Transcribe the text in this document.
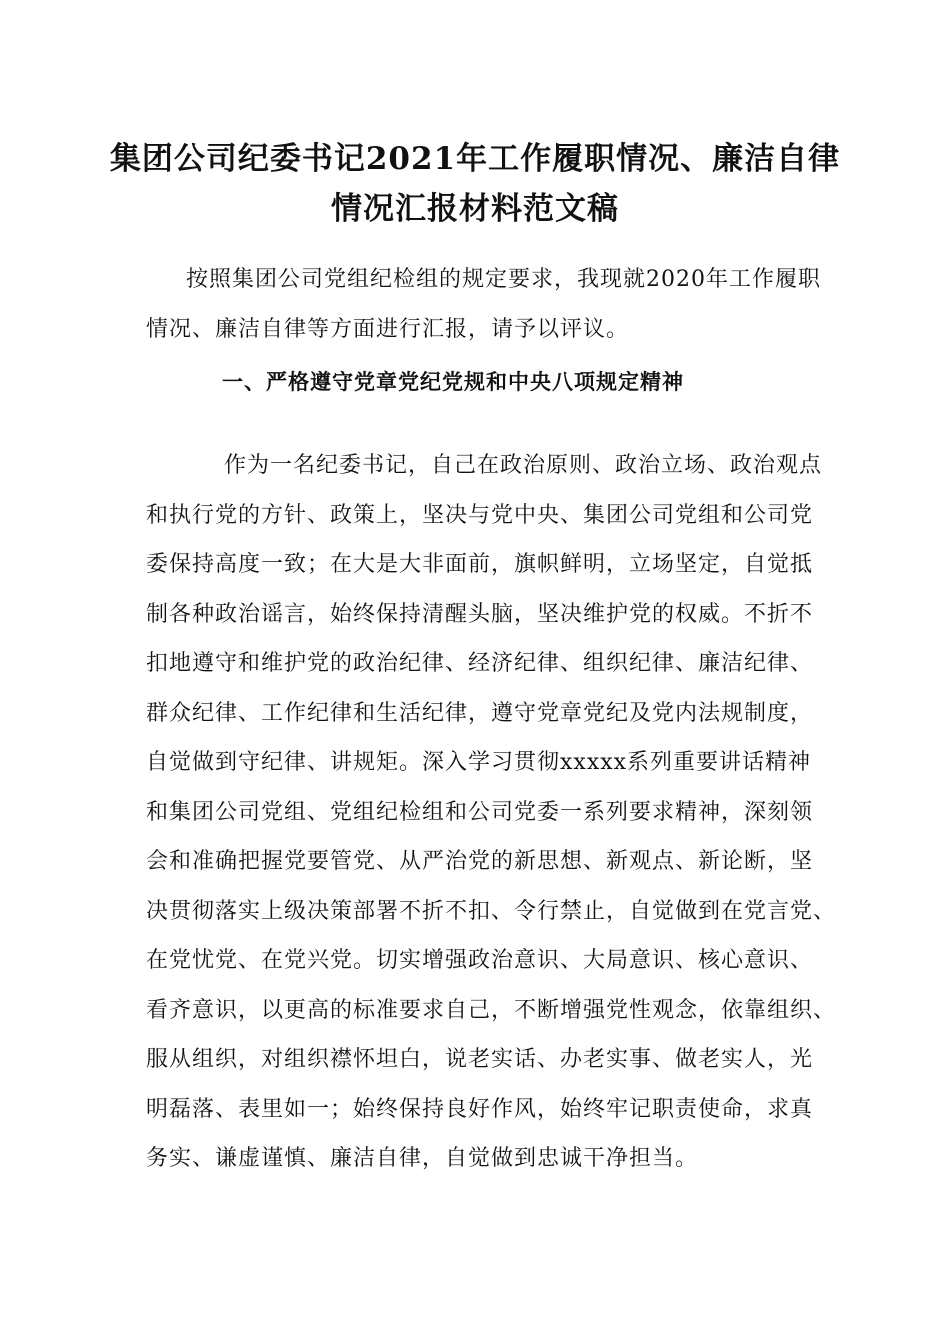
集团公司纪委书记2021年工作履职情况、廉洁自律
情况汇报材料范文稿
按照集团公司党组纪检组的规定要求，我现就2020年工作履职
情况、廉洁自律等方面进行汇报，请予以评议。
一、严格遵守党章党纪党规和中央八项规定精神
作为一名纪委书记，自己在政治原则、政治立场、政治观点
和执行党的方针、政策上，坚决与党中央、集团公司党组和公司党
委保持高度一致；在大是大非面前，旗帜鲜明，立场坚定，自觉抵
制各种政治谣言，始终保持清醒头脑，坚决维护党的权威。不折不
扣地遵守和维护党的政治纪律、经济纪律、组织纪律、廉洁纪律、
群众纪律、工作纪律和生活纪律，遵守党章党纪及党内法规制度，
自觉做到守纪律、讲规矩。深入学习贯彻xxxxx系列重要讲话精神
和集团公司党组、党组纪检组和公司党委一系列要求精神，深刻领
会和准确把握党要管党、从严治党的新思想、新观点、新论断，坚
决贯彻落实上级决策部署不折不扣、令行禁止，自觉做到在党言党、
在党忧党、在党兴党。切实增强政治意识、大局意识、核心意识、
看齐意识，以更高的标准要求自己，不断增强党性观念，依靠组织、
服从组织，对组织襟怀坦白，说老实话、办老实事、做老实人，光
明磊落、表里如一；始终保持良好作风，始终牢记职责使命，求真
务实、谦虚谨慎、廉洁自律，自觉做到忠诚干净担当。
